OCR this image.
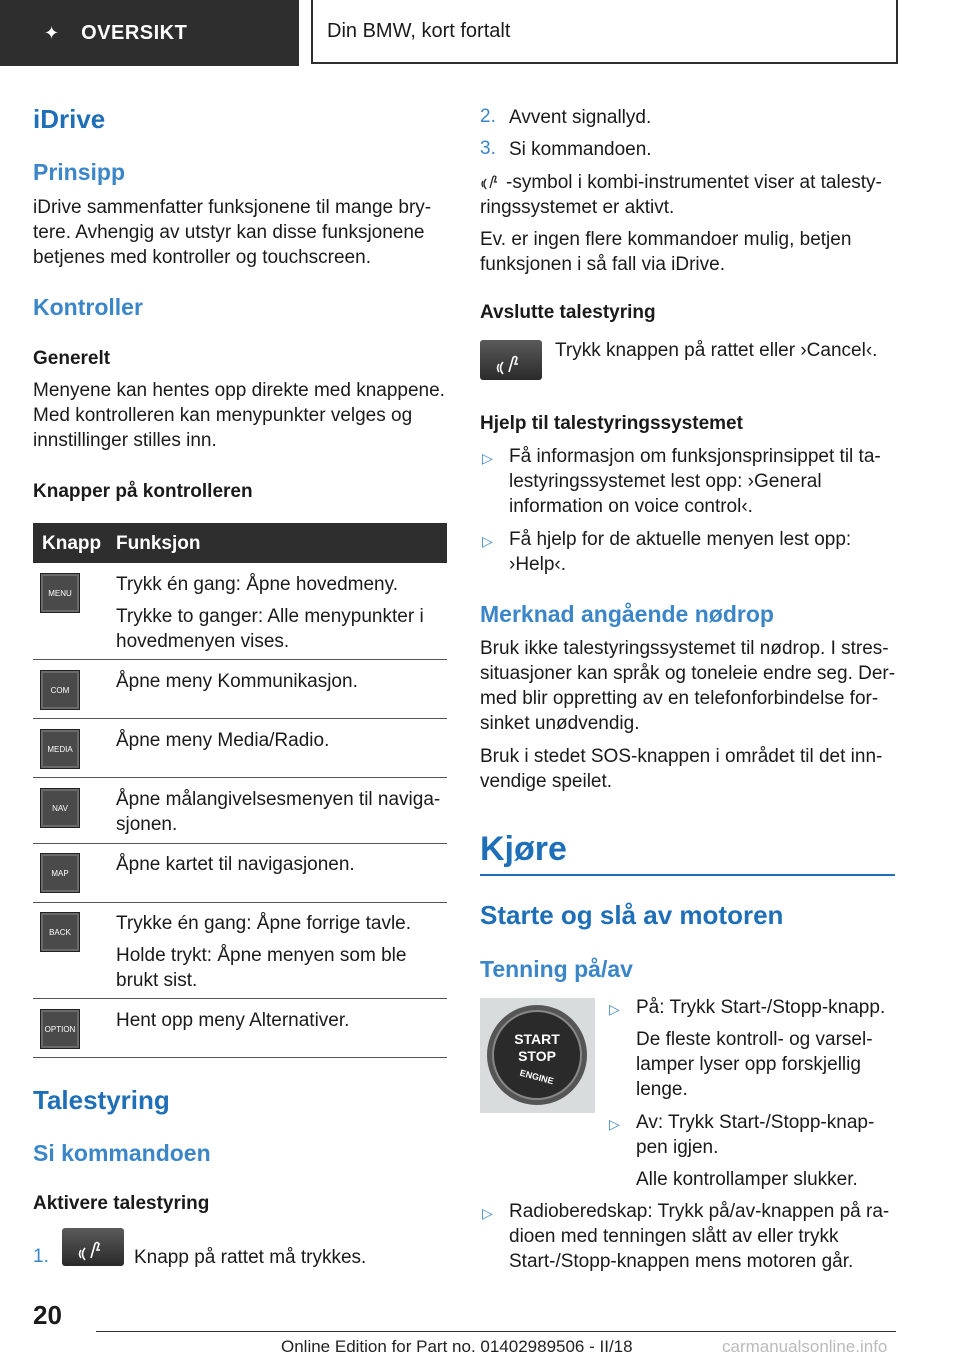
✦ OVERSIKT	Din BMW, kort fortalt
iDrive
Prinsipp
iDrive sammenfatter funksjonene til mange bry-
tere. Avhengig av utstyr kan disse funksjonene
betjenes med kontroller og touchscreen.
Kontroller
Generelt
Menyene kan hentes opp direkte med knappene.
Med kontrolleren kan menypunkter velges og
innstillinger stilles inn.
Knapper på kontrolleren
Knapp Funksjon
MENU	Trykk én gang: Åpne hovedmeny.
Trykke to ganger: Alle menypunkter i
hovedmenyen vises.
COM	Åpne meny Kommunikasjon.
MEDIA	Åpne meny Media/Radio.
NAV	Åpne målangivelsesmenyen til naviga-
sjonen.
MAP	Åpne kartet til navigasjonen.
BACK	Trykke én gang: Åpne forrige tavle.
Holde trykt: Åpne menyen som ble
brukt sist.
OPTION Hent opp meny Alternativer.
Talestyring
Si kommandoen
Aktivere talestyring
1.	Knapp på rattet må trykkes.
2. Avvent signallyd.
3. Si kommandoen.
-symbol i kombi-instrumentet viser at talesty-
ringssystemet er aktivt.
Ev. er ingen flere kommandoer mulig, betjen
funksjonen i så fall via iDrive.
Avslutte talestyring
Trykk knappen på rattet eller ›Cancel‹.
Hjelp til talestyringssystemet
▷ Få informasjon om funksjonsprinsippet til ta-
lestyringssystemet lest opp: ›General
information on voice control‹.
▷ Få hjelp for de aktuelle menyen lest opp:
›Help‹.
Merknad angående nødrop
Bruk ikke talestyringssystemet til nødrop. I stres-
situasjoner kan språk og toneleie endre seg. Der-
med blir oppretting av en telefonforbindelse for-
sinket unødvendig.
Bruk i stedet SOS-knappen i området til det inn-
vendige speilet.
Kjøre
Starte og slå av motoren
Tenning på/av
START
STOP
ENGINE
▷ På: Trykk Start-/Stopp-knapp.
De fleste kontroll- og varsel-
lamper lyser opp forskjellig
lenge.
▷ Av: Trykk Start-/Stopp-knap-
pen igjen.
Alle kontrollamper slukker.
▷ Radioberedskap: Trykk på/av-knappen på ra-
dioen med tenningen slått av eller trykk
Start-/Stopp-knappen mens motoren går.
20
Online Edition for Part no. 01402989506 - II/18	carmanualsonline.info
